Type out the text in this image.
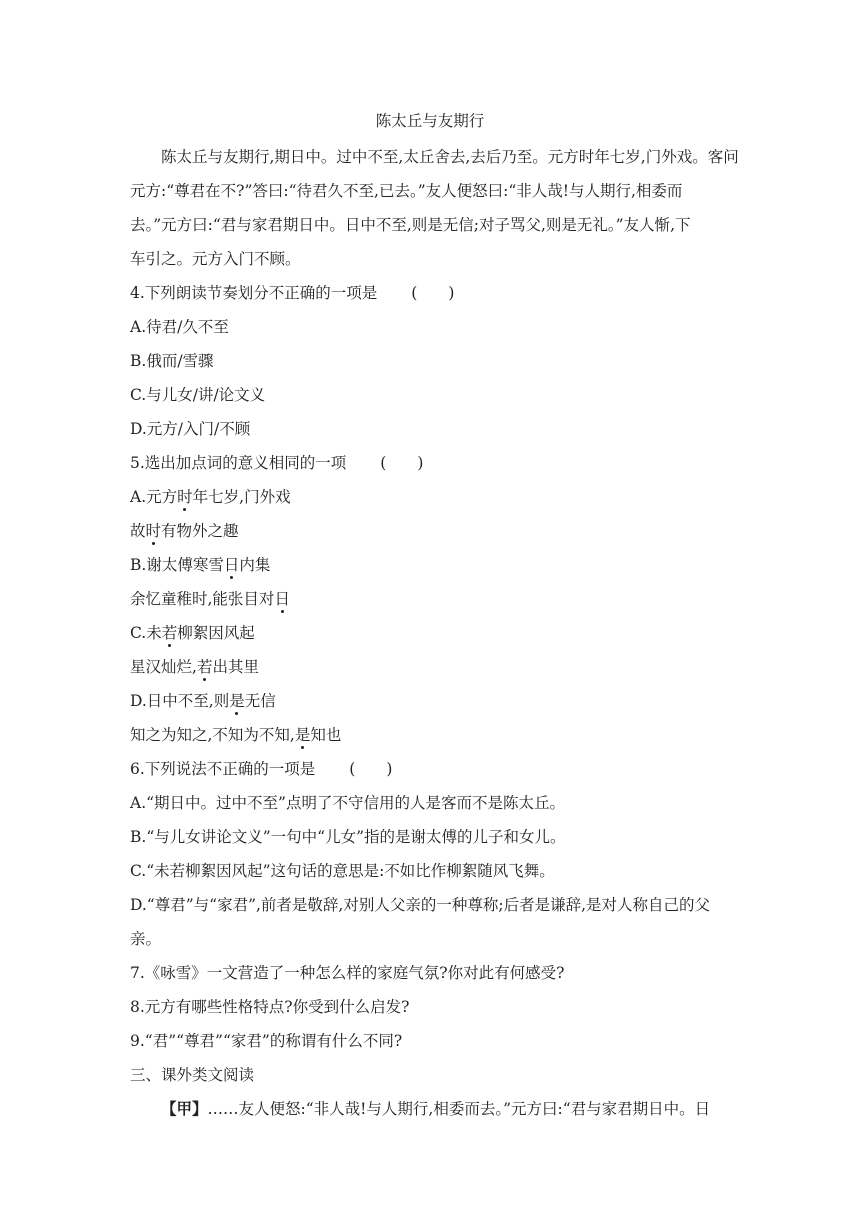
陈太丘与友期行
陈太丘与友期行,期日中。过中不至,太丘舍去,去后乃至。元方时年七岁,门外戏。客问
元方:“尊君在不?”答曰:“待君久不至,已去。”友人便怒曰:“非人哉!与人期行,相委而
去。”元方曰:“君与家君期日中。日中不至,则是无信;对子骂父,则是无礼。”友人惭,下
车引之。元方入门不顾。
4.下列朗读节奏划分不正确的一项是 (　　)
A.待君/久不至
B.俄而/雪骤
C.与儿女/讲/论文义
D.元方/入门/不顾
5.选出加点词的意义相同的一项 (　　)
A.元方时年七岁,门外戏
故时有物外之趣
B.谢太傅寒雪日内集
余忆童稚时,能张目对日
C.未若柳絮因风起
星汉灿烂,若出其里
D.日中不至,则是无信
知之为知之,不知为不知,是知也
6.下列说法不正确的一项是 (　　)
A.“期日中。过中不至”点明了不守信用的人是客而不是陈太丘。
B.“与儿女讲论文义”一句中“儿女”指的是谢太傅的儿子和女儿。
C.“未若柳絮因风起”这句话的意思是:不如比作柳絮随风飞舞。
D.“尊君”与“家君”,前者是敬辞,对别人父亲的一种尊称;后者是谦辞,是对人称自己的父
亲。
7.《咏雪》一文营造了一种怎么样的家庭气氛?你对此有何感受?
8.元方有哪些性格特点?你受到什么启发?
9.“君”“尊君”“家君”的称谓有什么不同?
三、课外类文阅读
【甲】……友人便怒:“非人哉!与人期行,相委而去。”元方曰:“君与家君期日中。日
